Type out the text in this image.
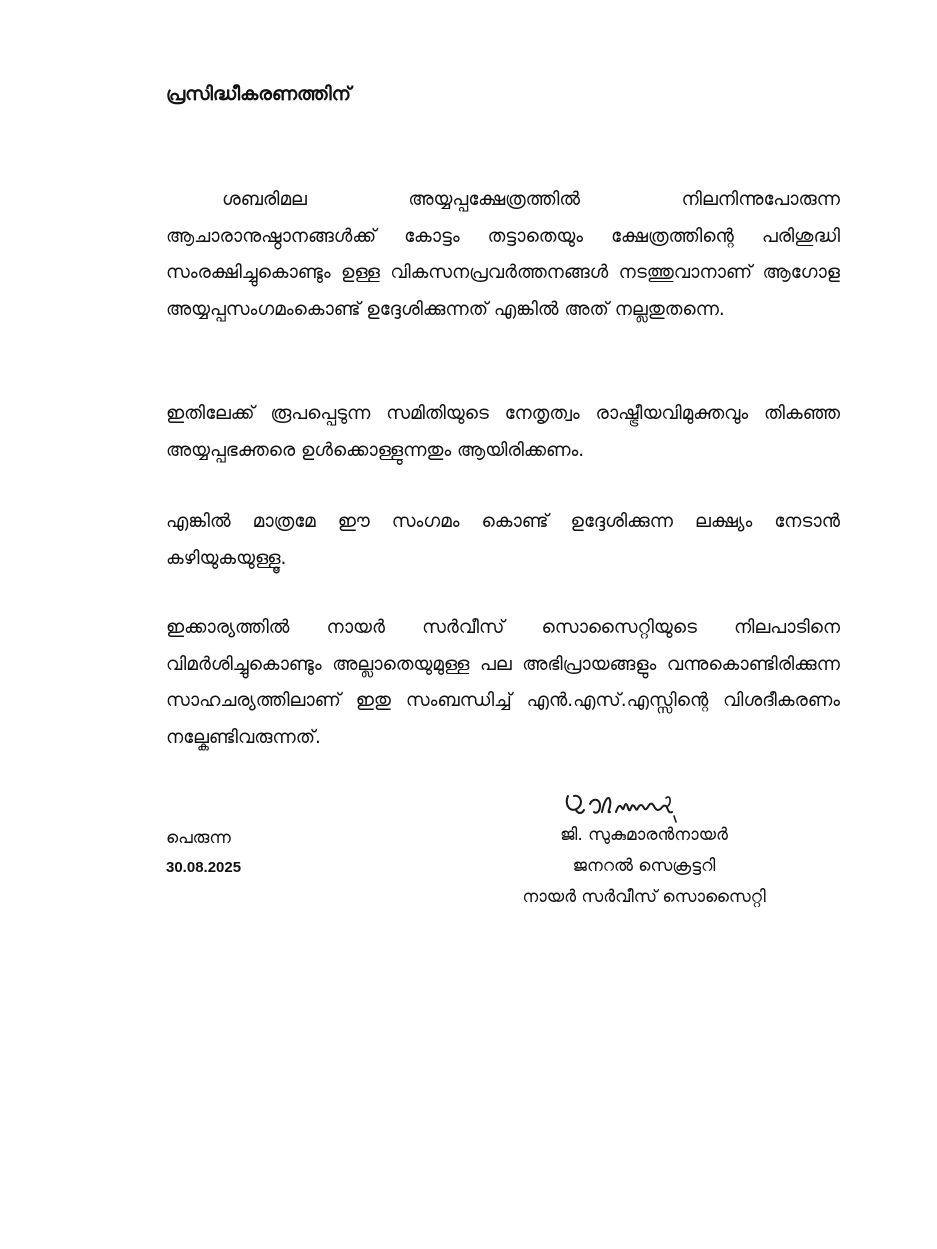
പ്രസിദ്ധീകരണത്തിന്
ശബരിമല അയ്യപ്പക്ഷേത്രത്തിൽ നിലനിന്നുപോരുന്ന ആചാരാനുഷ്ഠാനങ്ങൾക്ക് കോട്ടം തട്ടാതെയും ക്ഷേത്രത്തിന്റെ പരിശുദ്ധി സംരക്ഷിച്ചുകൊണ്ടും ഉള്ള വികസനപ്രവർത്തനങ്ങൾ നടത്തുവാനാണ് ആഗോള അയ്യപ്പസംഗമംകൊണ്ട് ഉദ്ദേശിക്കുന്നത് എങ്കിൽ അത് നല്ലതുതന്നെ.
ഇതിലേക്ക് രൂപപ്പെടുന്ന സമിതിയുടെ നേതൃത്വം രാഷ്ട്രീയവിമുക്തവും തികഞ്ഞ അയ്യപ്പഭക്തരെ ഉൾക്കൊള്ളുന്നതും ആയിരിക്കണം.
എങ്കിൽ മാത്രമേ ഈ സംഗമം കൊണ്ട് ഉദ്ദേശിക്കുന്ന ലക്ഷ്യം നേടാൻ കഴിയുകയുള്ളൂ.
ഇക്കാര്യത്തിൽ നായർ സർവീസ് സൊസൈറ്റിയുടെ നിലപാടിനെ വിമർശിച്ചുകൊണ്ടും അല്ലാതെയുമുള്ള പല അഭിപ്രായങ്ങളും വന്നുകൊണ്ടിരിക്കുന്ന സാഹചര്യത്തിലാണ് ഇതു സംബന്ധിച്ച് എൻ.എസ്.എസ്സിന്റെ വിശദീകരണം നല്കേണ്ടിവരുന്നത്.
പെരുന്ന
30.08.2025
ജി. സുകുമാരൻനായർ
ജനറൽ സെക്രട്ടറി
നായർ സർവീസ് സൊസൈറ്റി
